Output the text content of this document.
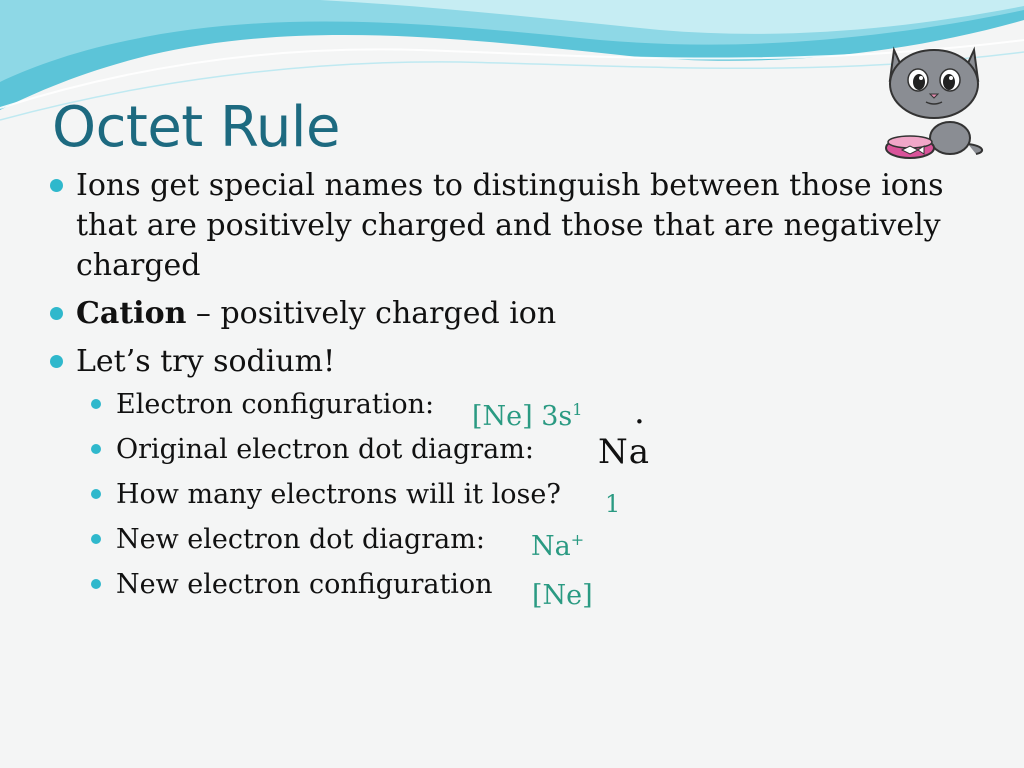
Octet Rule
Ions get special names to distinguish between those ions that are positively charged and those that are negatively charged
Cation – positively charged ion
Let’s try sodium!
Electron configuration:
Original electron dot diagram:
How many electrons will it lose?
New electron dot diagram:
New electron configuration
[Ne] $3s^1$ .
Na
1
Na+
[Ne]
